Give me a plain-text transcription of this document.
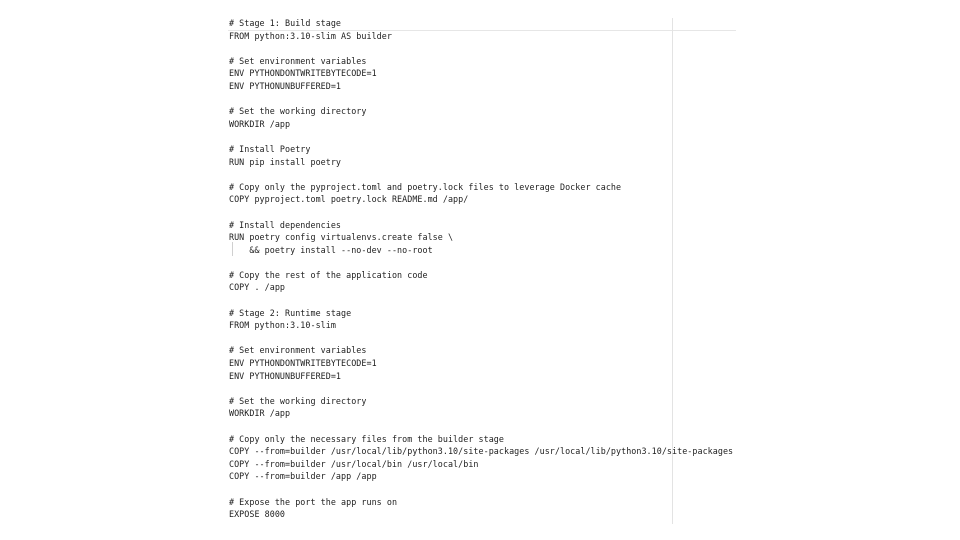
# Stage 1: Build stage
FROM python:3.10-slim AS builder
# Set environment variables
ENV PYTHONDONTWRITEBYTECODE=1
ENV PYTHONUNBUFFERED=1
# Set the working directory
WORKDIR /app
# Install Poetry
RUN pip install poetry
# Copy only the pyproject.toml and poetry.lock files to leverage Docker cache
COPY pyproject.toml poetry.lock README.md /app/
# Install dependencies
RUN poetry config virtualenvs.create false \
&& poetry install --no-dev --no-root
# Copy the rest of the application code
COPY . /app
# Stage 2: Runtime stage
FROM python:3.10-slim
# Set environment variables
ENV PYTHONDONTWRITEBYTECODE=1
ENV PYTHONUNBUFFERED=1
# Set the working directory
WORKDIR /app
# Copy only the necessary files from the builder stage
COPY --from=builder /usr/local/lib/python3.10/site-packages /usr/local/lib/python3.10/site-packages
COPY --from=builder /usr/local/bin /usr/local/bin
COPY --from=builder /app /app
# Expose the port the app runs on
EXPOSE 8000
